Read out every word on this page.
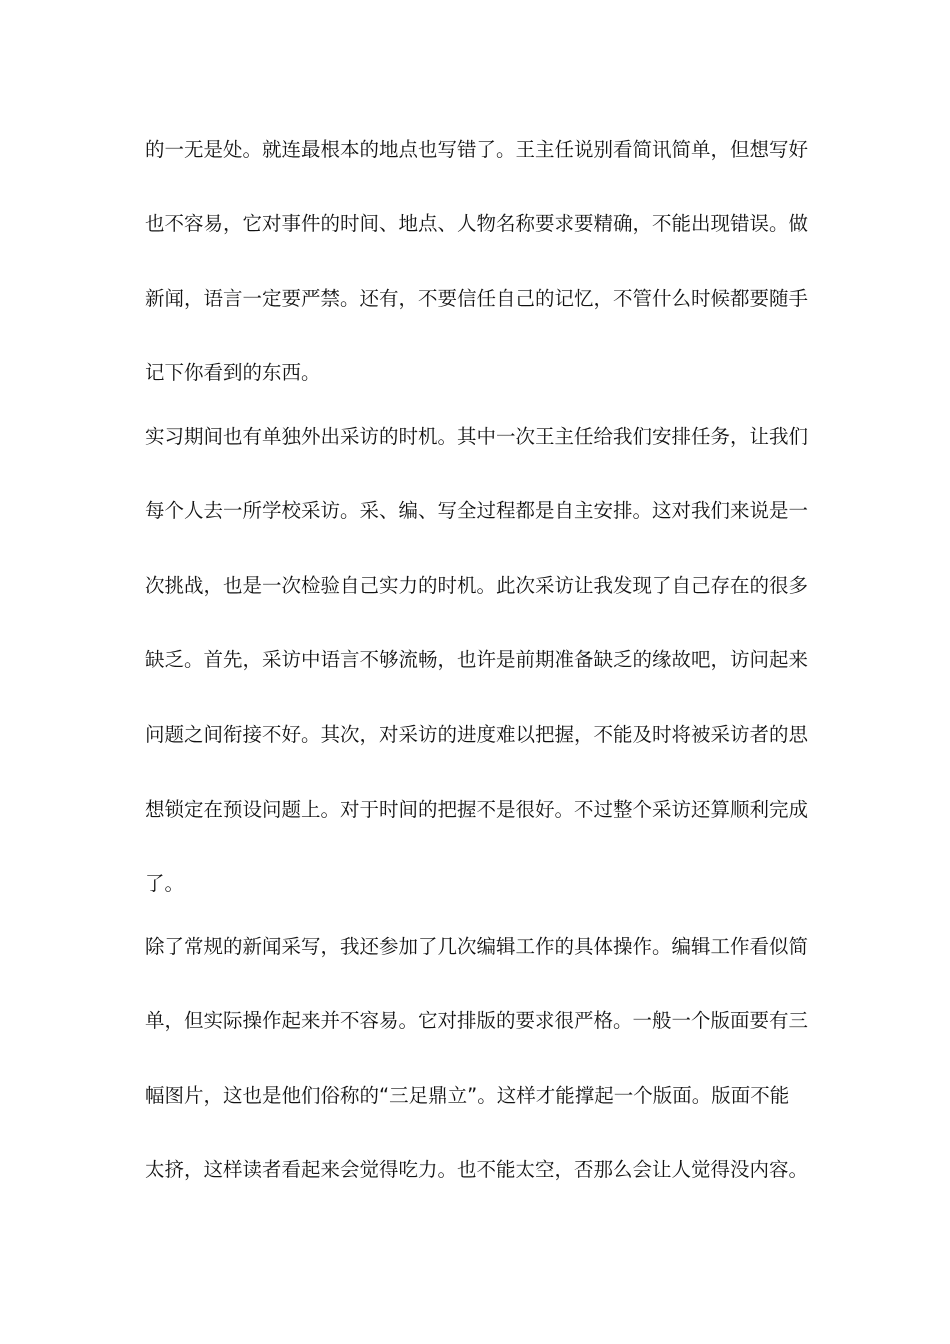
的一无是处。就连最根本的地点也写错了。王主任说别看简讯简单，但想写好
也不容易，它对事件的时间、地点、人物名称要求要精确，不能出现错误。做
新闻，语言一定要严禁。还有，不要信任自己的记忆，不管什么时候都要随手
记下你看到的东西。
实习期间也有单独外出采访的时机。其中一次王主任给我们安排任务，让我们
每个人去一所学校采访。采、编、写全过程都是自主安排。这对我们来说是一
次挑战，也是一次检验自己实力的时机。此次采访让我发现了自己存在的很多
缺乏。首先，采访中语言不够流畅，也许是前期准备缺乏的缘故吧，访问起来
问题之间衔接不好。其次，对采访的进度难以把握，不能及时将被采访者的思
想锁定在预设问题上。对于时间的把握不是很好。不过整个采访还算顺利完成
了。
除了常规的新闻采写，我还参加了几次编辑工作的具体操作。编辑工作看似简
单，但实际操作起来并不容易。它对排版的要求很严格。一般一个版面要有三
幅图片，这也是他们俗称的“三足鼎立”。这样才能撑起一个版面。版面不能
太挤，这样读者看起来会觉得吃力。也不能太空，否那么会让人觉得没内容。
